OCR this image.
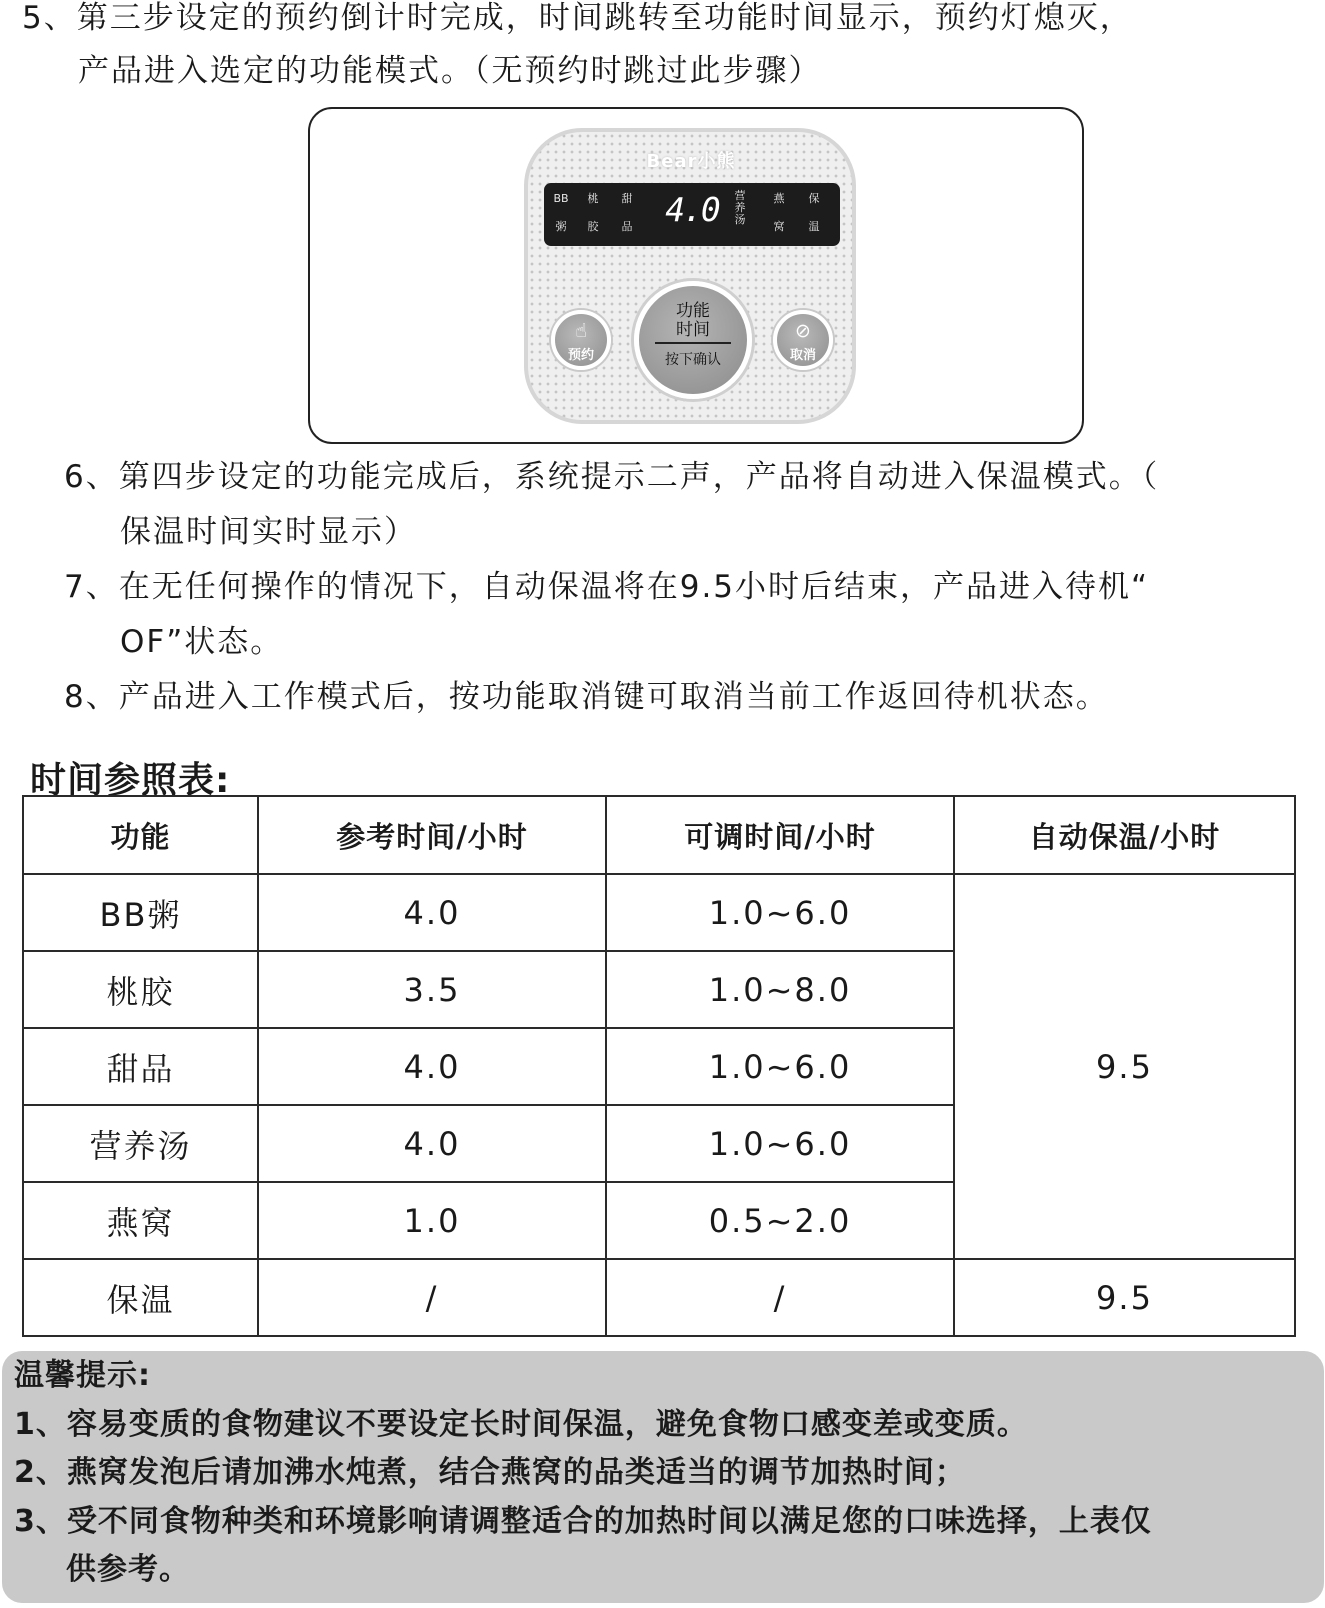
5、第三步设定的预约倒计时完成，时间跳转至功能时间显示，预约灯熄灭，
产品进入选定的功能模式。（无预约时跳过此步骤）
Bear小熊
BB	桃	甜
粥	胶	品 4.0 营养汤
燕	保
窝	温
☝
预约
⊘
取消
功能
时间
按下确认
6、第四步设定的功能完成后，系统提示二声，产品将自动进入保温模式。（
保温时间实时显示）
7、在无任何操作的情况下，自动保温将在9.5小时后结束，产品进入待机“
OF”状态。
8、产品进入工作模式后，按功能取消键可取消当前工作返回待机状态。
时间参照表:
功能	参考时间/小时	可调时间/小时	自动保温/小时
BB粥	4.0	1.0~6.0	9.5
桃胶	3.5	1.0~8.0	
甜品	4.0	1.0~6.0	
营养汤	4.0	1.0~6.0	
燕窝	1.0	0.5~2.0	
保温	/	/	9.5
温馨提示:
1、容易变质的食物建议不要设定长时间保温，避免食物口感变差或变质。
2、燕窝发泡后请加沸水炖煮，结合燕窝的品类适当的调节加热时间；
3、受不同食物种类和环境影响请调整适合的加热时间以满足您的口味选择，上表仅
供参考。
